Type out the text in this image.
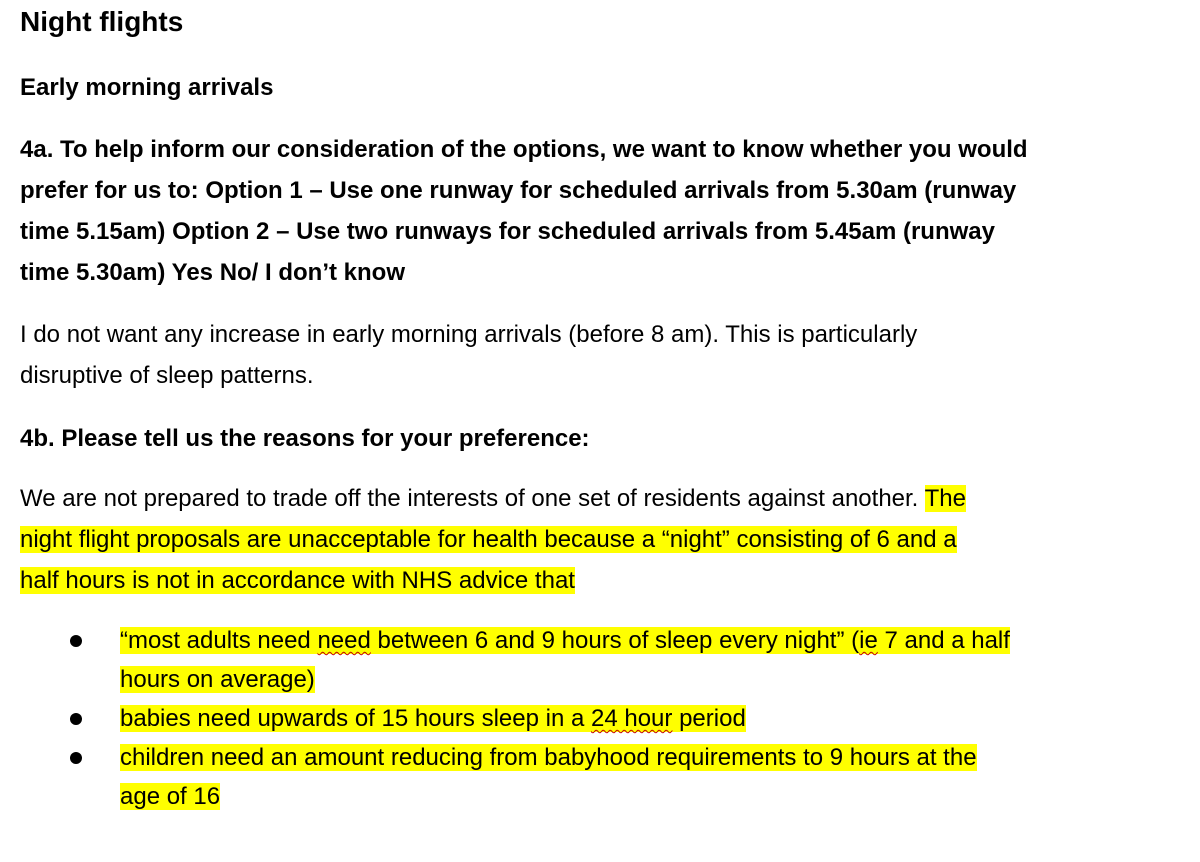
Night flights
Early morning arrivals
4a. To help inform our consideration of the options, we want to know whether you would
prefer for us to: Option 1 – Use one runway for scheduled arrivals from 5.30am (runway
time 5.15am) Option 2 – Use two runways for scheduled arrivals from 5.45am (runway
time 5.30am) Yes No/ I don’t know
I do not want any increase in early morning arrivals (before 8 am). This is particularly
disruptive of sleep patterns.
4b. Please tell us the reasons for your preference:
We are not prepared to trade off the interests of one set of residents against another. The
night flight proposals are unacceptable for health because a “night” consisting of 6 and a
half hours is not in accordance with NHS advice that
“most adults need need between 6 and 9 hours of sleep every night” (ie 7 and a half
hours on average)
babies need upwards of 15 hours sleep in a 24 hour period
children need an amount reducing from babyhood requirements to 9 hours at the
age of 16
